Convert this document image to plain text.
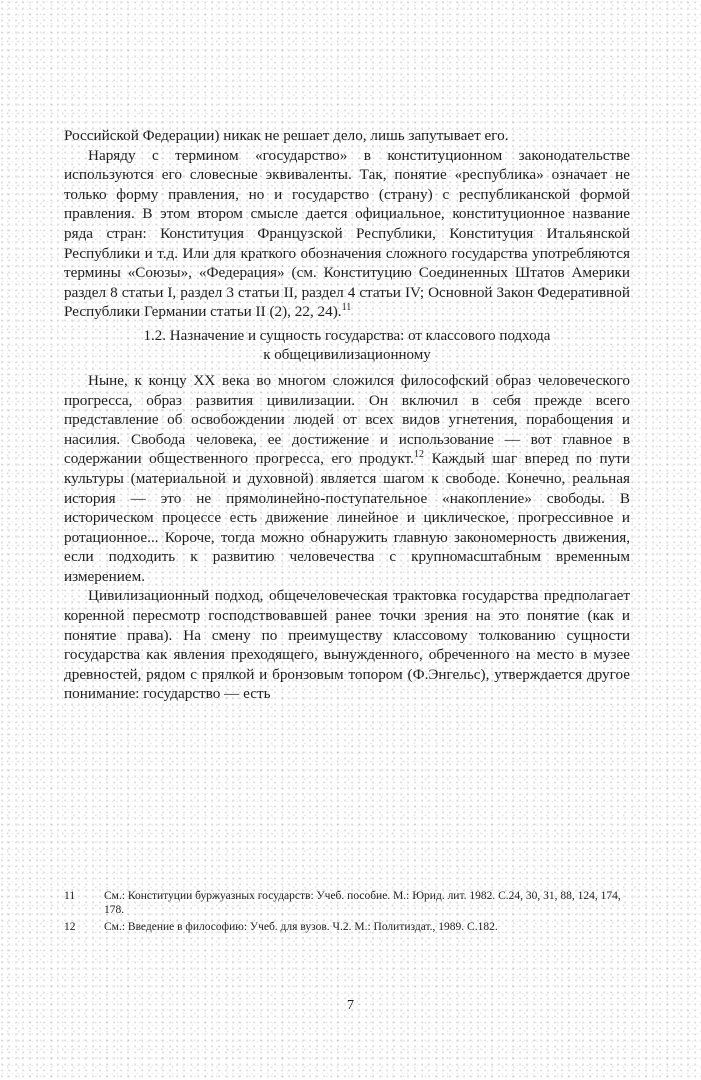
Российской Федерации) никак не решает дело, лишь запутывает его.

Наряду с термином «государство» в конституционном законодательстве используются его словесные эквиваленты. Так, понятие «республика» означает не только форму правления, но и государство (страну) с республиканской формой правления. В этом втором смысле дается официальное, конституционное название ряда стран: Конституция Французской Республики, Конституция Итальянской Республики и т.д. Или для краткого обозначения сложного государства употребляются термины «Союзы», «Федерация» (см. Конституцию Соединенных Штатов Америки раздел 8 статьи I, раздел 3 статьи II, раздел 4 статьи IV; Основной Закон Федеративной Республики Германии статьи II (2), 22, 24).$^{11}$

1.2. Назначение и сущность государства: от классового подхода
к общецивилизационному

Ныне, к концу XX века во многом сложился философский образ человеческого прогресса, образ развития цивилизации. Он включил в себя прежде всего представление об освобождении людей от всех видов угнетения, порабощения и насилия. Свобода человека, ее достижение и использование — вот главное в содержании общественного прогресса, его продукт.$^{12}$ Каждый шаг вперед по пути культуры (материальной и духовной) является шагом к свободе. Конечно, реальная история — это не прямолинейно-поступательное «накопление» свободы. В историческом процессе есть движение линейное и циклическое, прогрессивное и ротационное... Короче, тогда можно обнаружить главную закономерность движения, если подходить к развитию человечества с крупномасштабным временным измерением.

Цивилизационный подход, общечеловеческая трактовка государства предполагает коренной пересмотр господствовавшей ранее точки зрения на это понятие (как и понятие права). На смену по преимуществу классовому толкованию сущности государства как явления преходящего, вынужденного, обреченного на место в музее древностей, рядом с прялкой и бронзовым топором (Ф.Энгельс), утверждается другое понимание: государство — есть

11	См.: Конституции буржуазных государств: Учеб. пособие. М.: Юрид. лит. 1982. С.24, 30, 31, 88, 124, 174, 178.
12	См.: Введение в философию: Учеб. для вузов. Ч.2. М.: Политиздат., 1989. С.182.
7
